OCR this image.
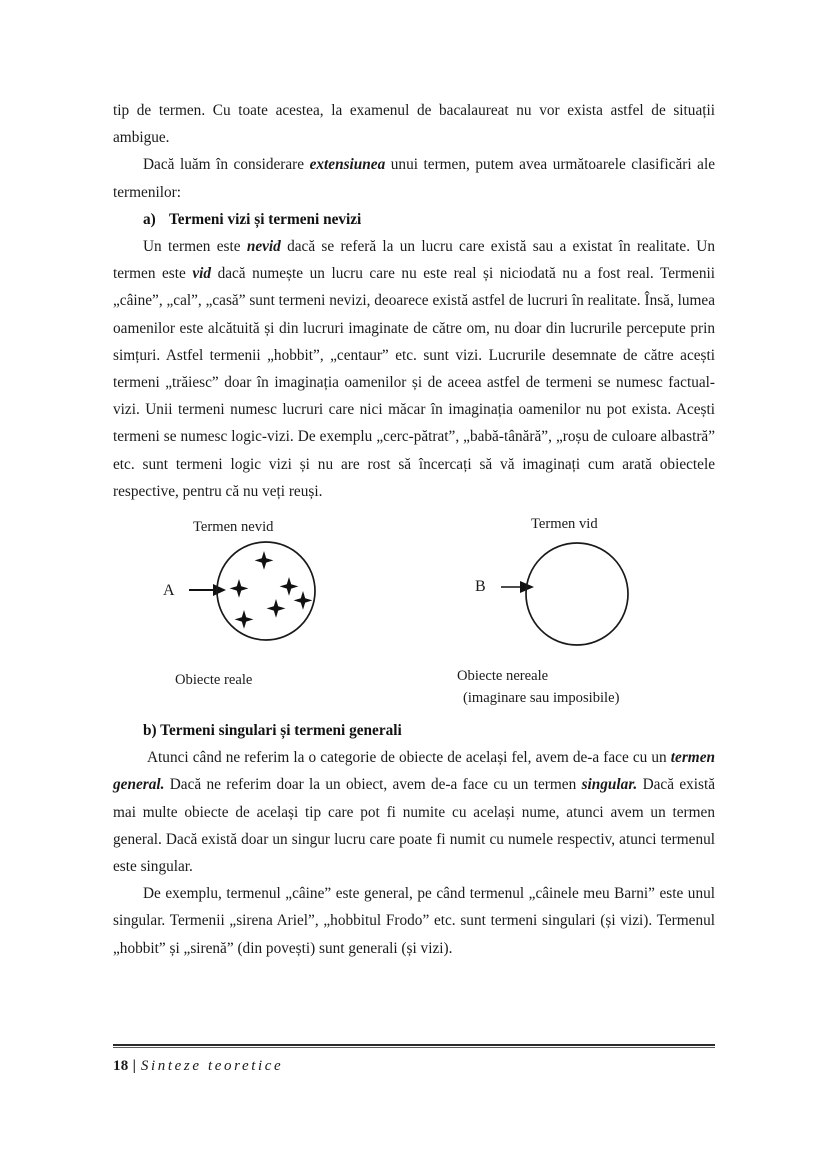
tip de termen. Cu toate acestea, la examenul de bacalaureat nu vor exista astfel de situații ambigue.

Dacă luăm în considerare extensiunea unui termen, putem avea următoarele clasificări ale termenilor:

a) Termeni vizi și termeni nevizi

Un termen este nevid dacă se referă la un lucru care există sau a existat în realitate. Un termen este vid dacă numește un lucru care nu este real și niciodată nu a fost real. Termenii „câine”, „cal”, „casă” sunt termeni nevizi, deoarece există astfel de lucruri în realitate. Însă, lumea oamenilor este alcătuită și din lucruri imaginate de către om, nu doar din lucrurile percepute prin simțuri. Astfel termenii „hobbit”, „centaur” etc. sunt vizi. Lucrurile desemnate de către acești termeni „trăiesc” doar în imaginația oamenilor și de aceea astfel de termeni se numesc factual-vizi. Unii termeni numesc lucruri care nici măcar în imaginația oamenilor nu pot exista. Acești termeni se numesc logic-vizi. De exemplu „cerc-pătrat”, „babă-tânără”, „roșu de culoare albastră” etc. sunt termeni logic vizi și nu are rost să încercați să vă imaginați cum arată obiectele respective, pentru că nu veți reuși.

Termen nevid	Termen vid
A	B
Obiecte reale	Obiecte nereale
(imaginare sau imposibile)

b) Termeni singulari și termeni generali

Atunci când ne referim la o categorie de obiecte de același fel, avem de-a face cu un termen general. Dacă ne referim doar la un obiect, avem de-a face cu un termen singular. Dacă există mai multe obiecte de același tip care pot fi numite cu același nume, atunci avem un termen general. Dacă există doar un singur lucru care poate fi numit cu numele respectiv, atunci termenul este singular.

De exemplu, termenul „câine” este general, pe când termenul „câinele meu Barni” este unul singular. Termenii „sirena Ariel”, „hobbitul Frodo” etc. sunt termeni singulari (și vizi). Termenul „hobbit” și „sirenă” (din povești) sunt generali (și vizi).

18 | Sinteze teoretice
